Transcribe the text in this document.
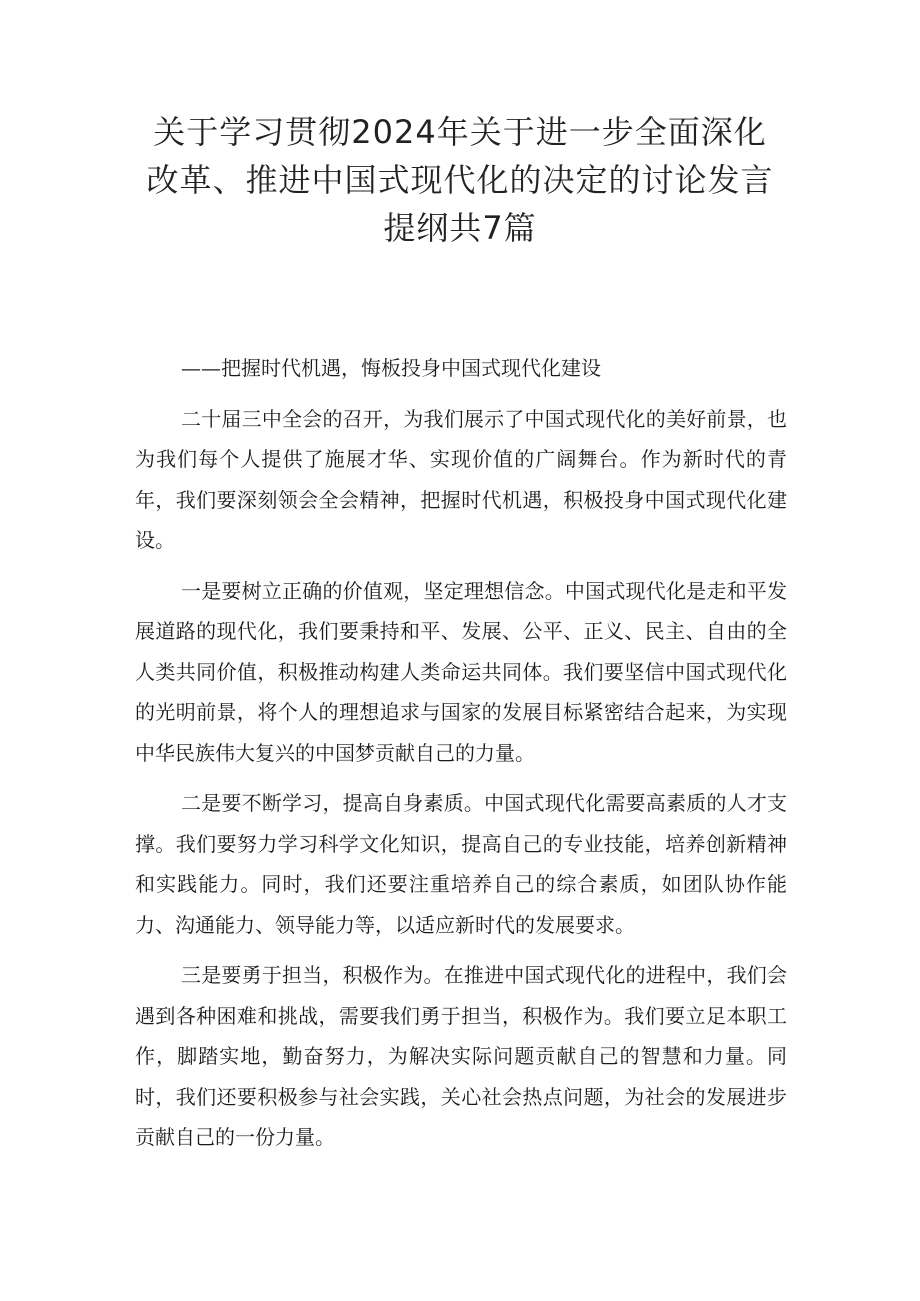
关于学习贯彻2024年关于进一步全面深化
改革、推进中国式现代化的决定的讨论发言
提纲共7篇

——把握时代机遇，悔板投身中国式现代化建设

二十届三中全会的召开，为我们展示了中国式现代化的美好前景，也为我们每个人提供了施展才华、实现价值的广阔舞台。作为新时代的青年，我们要深刻领会全会精神，把握时代机遇，积极投身中国式现代化建设。

一是要树立正确的价值观，坚定理想信念。中国式现代化是走和平发展道路的现代化，我们要秉持和平、发展、公平、正义、民主、自由的全人类共同价值，积极推动构建人类命运共同体。我们要坚信中国式现代化的光明前景，将个人的理想追求与国家的发展目标紧密结合起来，为实现中华民族伟大复兴的中国梦贡献自己的力量。

二是要不断学习，提高自身素质。中国式现代化需要高素质的人才支撑。我们要努力学习科学文化知识，提高自己的专业技能，培养创新精神和实践能力。同时，我们还要注重培养自己的综合素质，如团队协作能力、沟通能力、领导能力等，以适应新时代的发展要求。

三是要勇于担当，积极作为。在推进中国式现代化的进程中，我们会遇到各种困难和挑战，需要我们勇于担当，积极作为。我们要立足本职工作，脚踏实地，勤奋努力，为解决实际问题贡献自己的智慧和力量。同时，我们还要积极参与社会实践，关心社会热点问题，为社会的发展进步贡献自己的一份力量。
